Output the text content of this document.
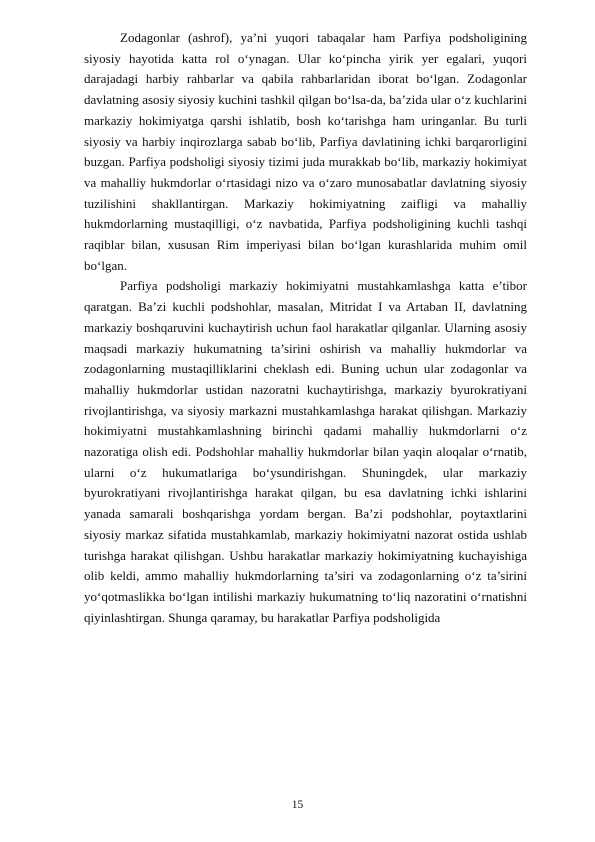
Zodagonlar (ashrof), ya’ni yuqori tabaqalar ham Parfiya podsholigining siyosiy hayotida katta rol o‘ynagan. Ular ko‘pincha yirik yer egalari, yuqori darajadagi harbiy rahbarlar va qabila rahbarlaridan iborat bo‘lgan. Zodagonlar davlatning asosiy siyosiy kuchini tashkil qilgan bo‘lsa-da, ba’zida ular o‘z kuchlarini markaziy hokimiyatga qarshi ishlatib, bosh ko‘tarishga ham uringanlar. Bu turli siyosiy va harbiy inqirozlarga sabab bo‘lib, Parfiya davlatining ichki barqarorligini buzgan. Parfiya podsholigi siyosiy tizimi juda murakkab bo‘lib, markaziy hokimiyat va mahalliy hukmdorlar o‘rtasidagi nizo va o‘zaro munosabatlar davlatning siyosiy tuzilishini shakllantirgan. Markaziy hokimiyatning zaifligi va mahalliy hukmdorlarning mustaqilligi, o‘z navbatida, Parfiya podsholigining kuchli tashqi raqiblar bilan, xususan Rim imperiyasi bilan bo‘lgan kurashlarida muhim omil bo‘lgan.

Parfiya podsholigi markaziy hokimiyatni mustahkamlashga katta e’tibor qaratgan. Ba’zi kuchli podshohlar, masalan, Mitridat I va Artaban II, davlatning markaziy boshqaruvini kuchaytirish uchun faol harakatlar qilganlar. Ularning asosiy maqsadi markaziy hukumatning ta’sirini oshirish va mahalliy hukmdorlar va zodagonlarning mustaqilliklarini cheklash edi. Buning uchun ular zodagonlar va mahalliy hukmdorlar ustidan nazoratni kuchaytirishga, markaziy byurokratiyani rivojlantirishga, va siyosiy markazni mustahkamlashga harakat qilishgan. Markaziy hokimiyatni mustahkamlashning birinchi qadami mahalliy hukmdorlarni o‘z nazoratiga olish edi. Podshohlar mahalliy hukmdorlar bilan yaqin aloqalar o‘rnatib, ularni o‘z hukumatlariga bo‘ysundirishgan. Shuningdek, ular markaziy byurokratiyani rivojlantirishga harakat qilgan, bu esa davlatning ichki ishlarini yanada samarali boshqarishga yordam bergan. Ba’zi podshohlar, poytaxtlarini siyosiy markaz sifatida mustahkamlab, markaziy hokimiyatni nazorat ostida ushlab turishga harakat qilishgan. Ushbu harakatlar markaziy hokimiyatning kuchayishiga olib keldi, ammo mahalliy hukmdorlarning ta’siri va zodagonlarning o‘z ta’sirini yo‘qotmaslikka bo‘lgan intilishi markaziy hukumatning to‘liq nazoratini o‘rnatishni qiyinlashtirgan. Shunga qaramay, bu harakatlar Parfiya podsholigida

15
